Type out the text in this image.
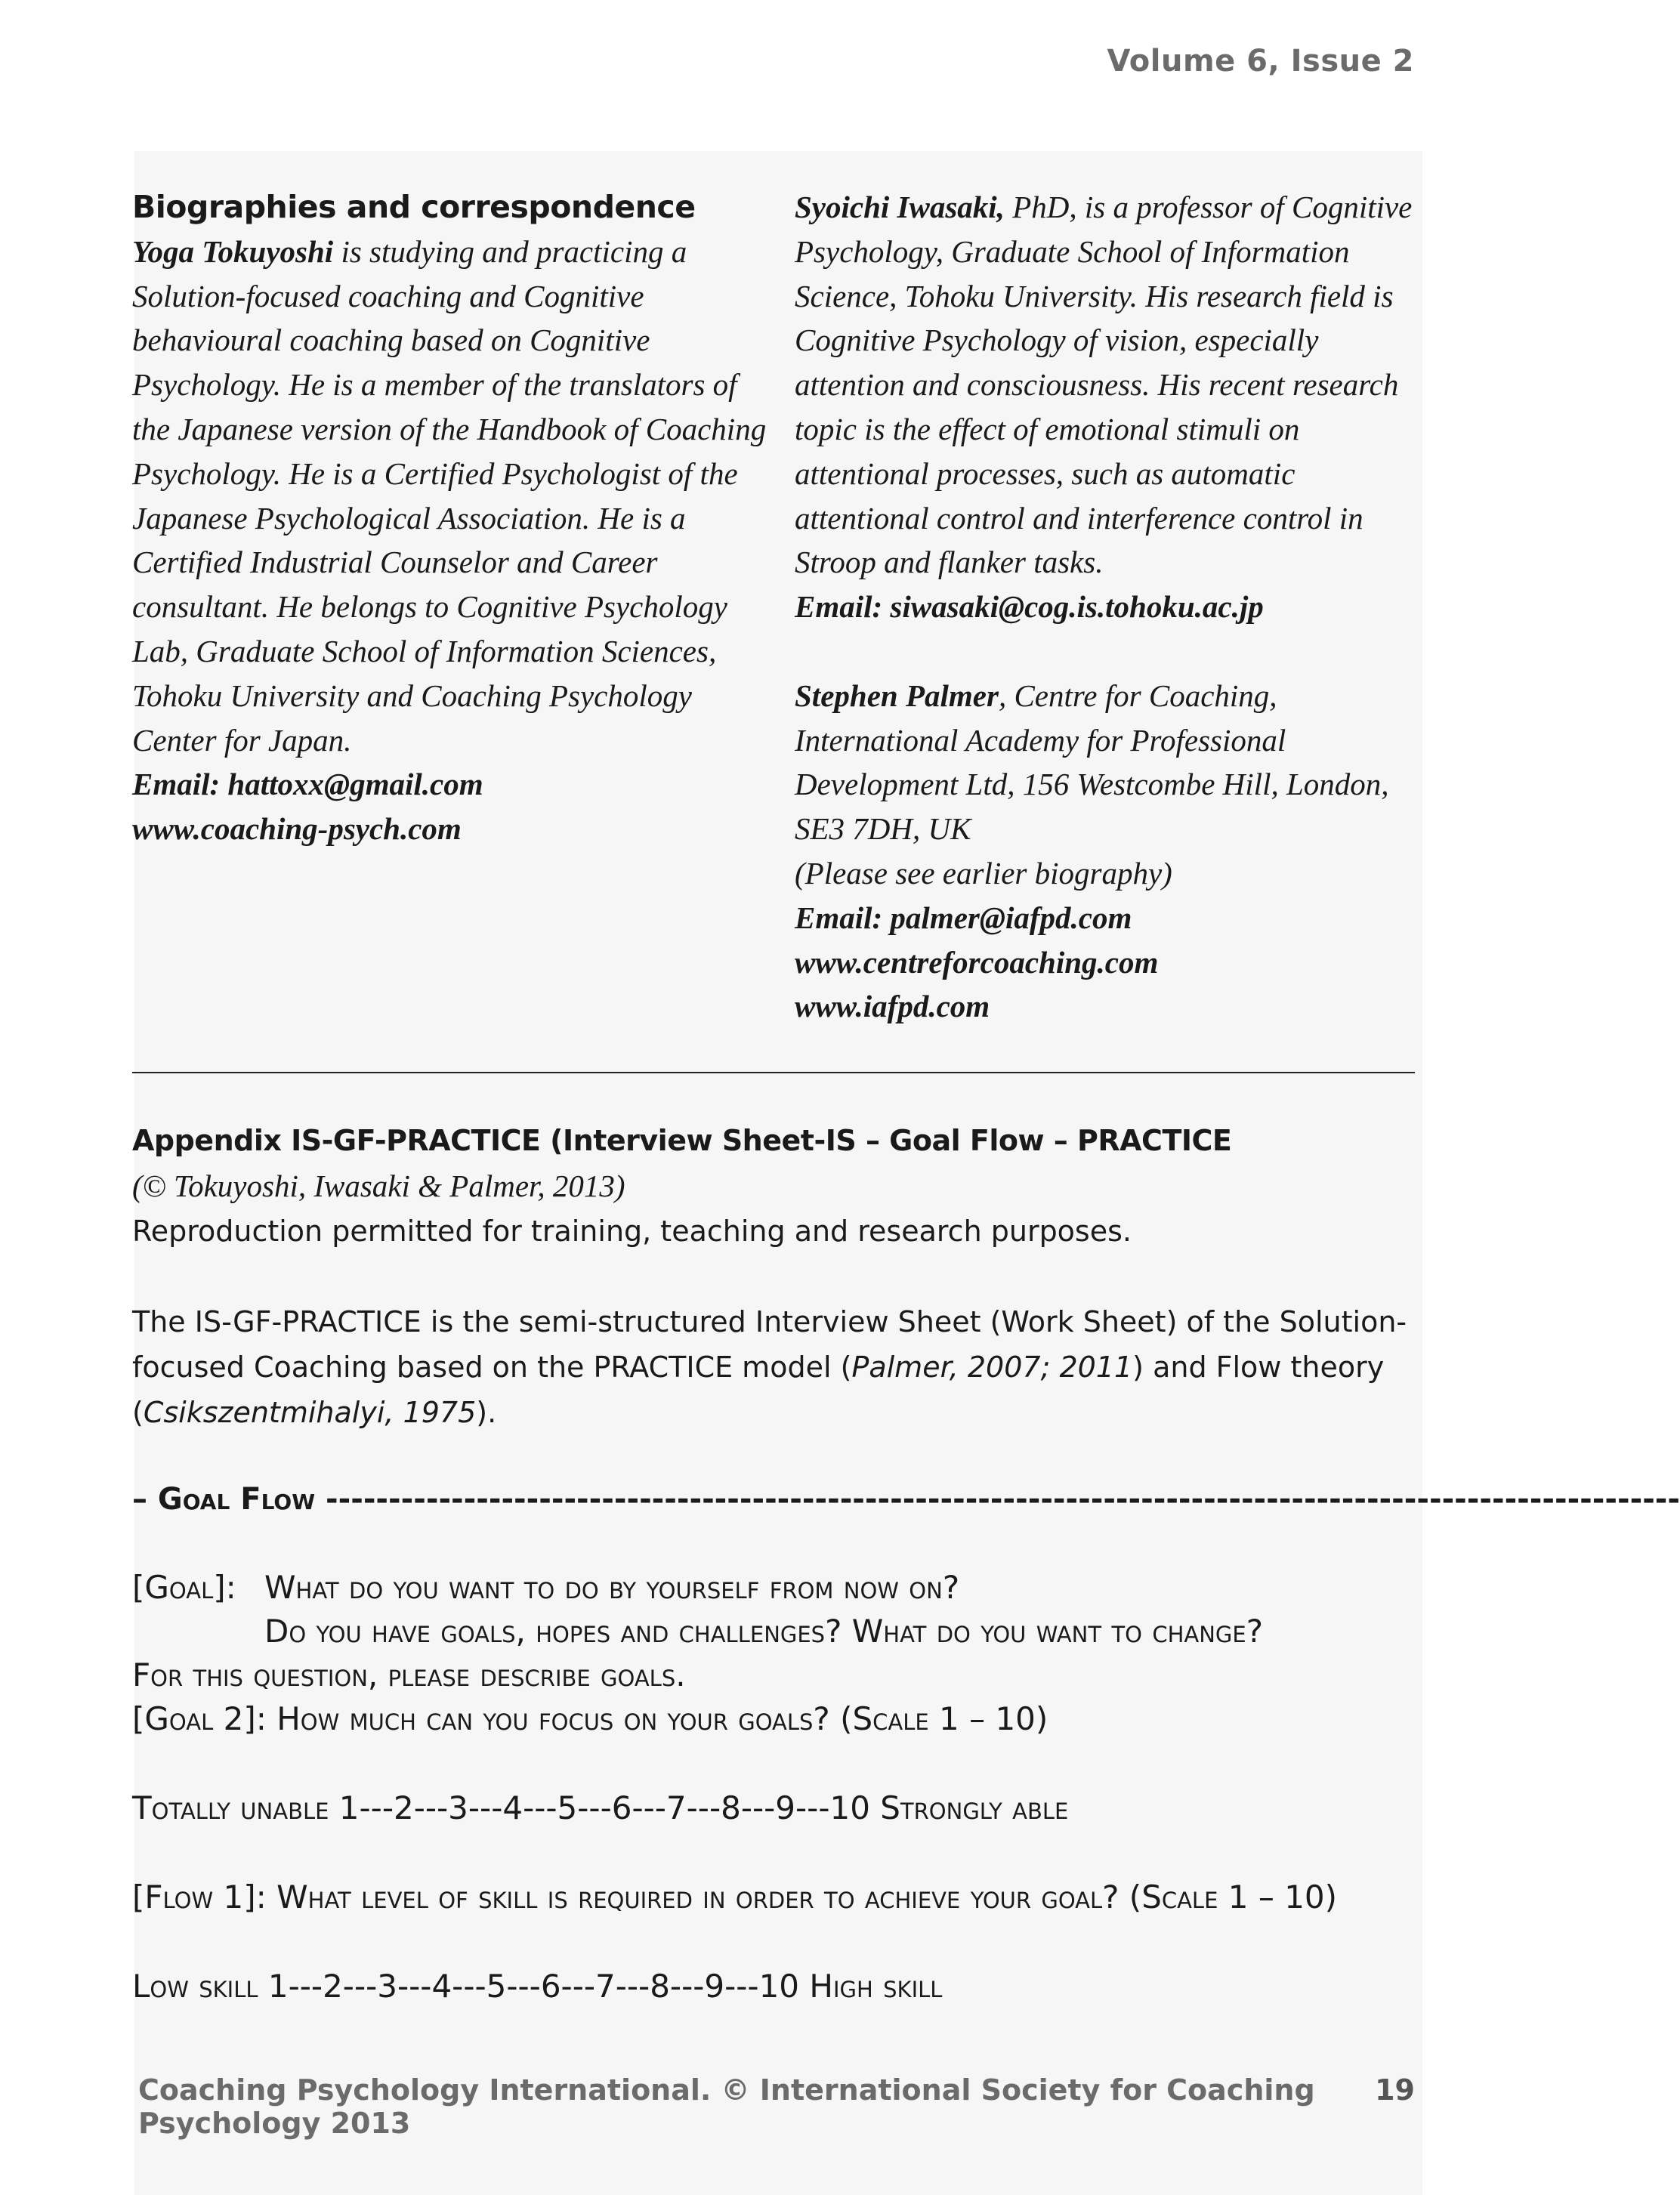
Volume 6, Issue 2

Biographies and correspondence

Yoga Tokuyoshi is studying and practicing a Solution-focused coaching and Cognitive behavioural coaching based on Cognitive Psychology. He is a member of the translators of the Japanese version of the Handbook of Coaching Psychology. He is a Certified Psychologist of the Japanese Psychological Association. He is a Certified Industrial Counselor and Career consultant. He belongs to Cognitive Psychology Lab, Graduate School of Information Sciences, Tohoku University and Coaching Psychology Center for Japan.

Email: hattoxx@gmail.com

www.coaching-psych.com

Syoichi Iwasaki, PhD, is a professor of Cognitive Psychology, Graduate School of Information Science, Tohoku University. His research field is Cognitive Psychology of vision, especially attention and consciousness. His recent research topic is the effect of emotional stimuli on attentional processes, such as automatic attentional control and interference control in Stroop and flanker tasks.

Email: siwasaki@cog.is.tohoku.ac.jp

Stephen Palmer, Centre for Coaching, International Academy for Professional Development Ltd, 156 Westcombe Hill, London, SE3 7DH, UK

(Please see earlier biography)

Email: palmer@iafpd.com

www.centreforcoaching.com

www.iafpd.com

Appendix IS-GF-PRACTICE (Interview Sheet-IS – Goal Flow – PRACTICE

(© Tokuyoshi, Iwasaki & Palmer, 2013)

Reproduction permitted for training, teaching and research purposes.

The IS-GF-PRACTICE is the semi-structured Interview Sheet (Work Sheet) of the Solution-focused Coaching based on the PRACTICE model (Palmer, 2007; 2011) and Flow theory (Csikszentmihalyi, 1975).

– Goal Flow ------------------------------------------------------------------------------------------------------------

[Goal]: What do you want to do by yourself from now on?
Do you have goals, hopes and challenges? What do you want to change?
For this question, please describe goals.
[Goal 2]: How much can you focus on your goals? (Scale 1 – 10)
Totally unable 1---2---3---4---5---6---7---8---9---10 Strongly able
[Flow 1]: What level of skill is required in order to achieve your goal? (Scale 1 – 10)
Low skill 1---2---3---4---5---6---7---8---9---10 High skill
Coaching Psychology International. © International Society for Coaching Psychology 2013
19
